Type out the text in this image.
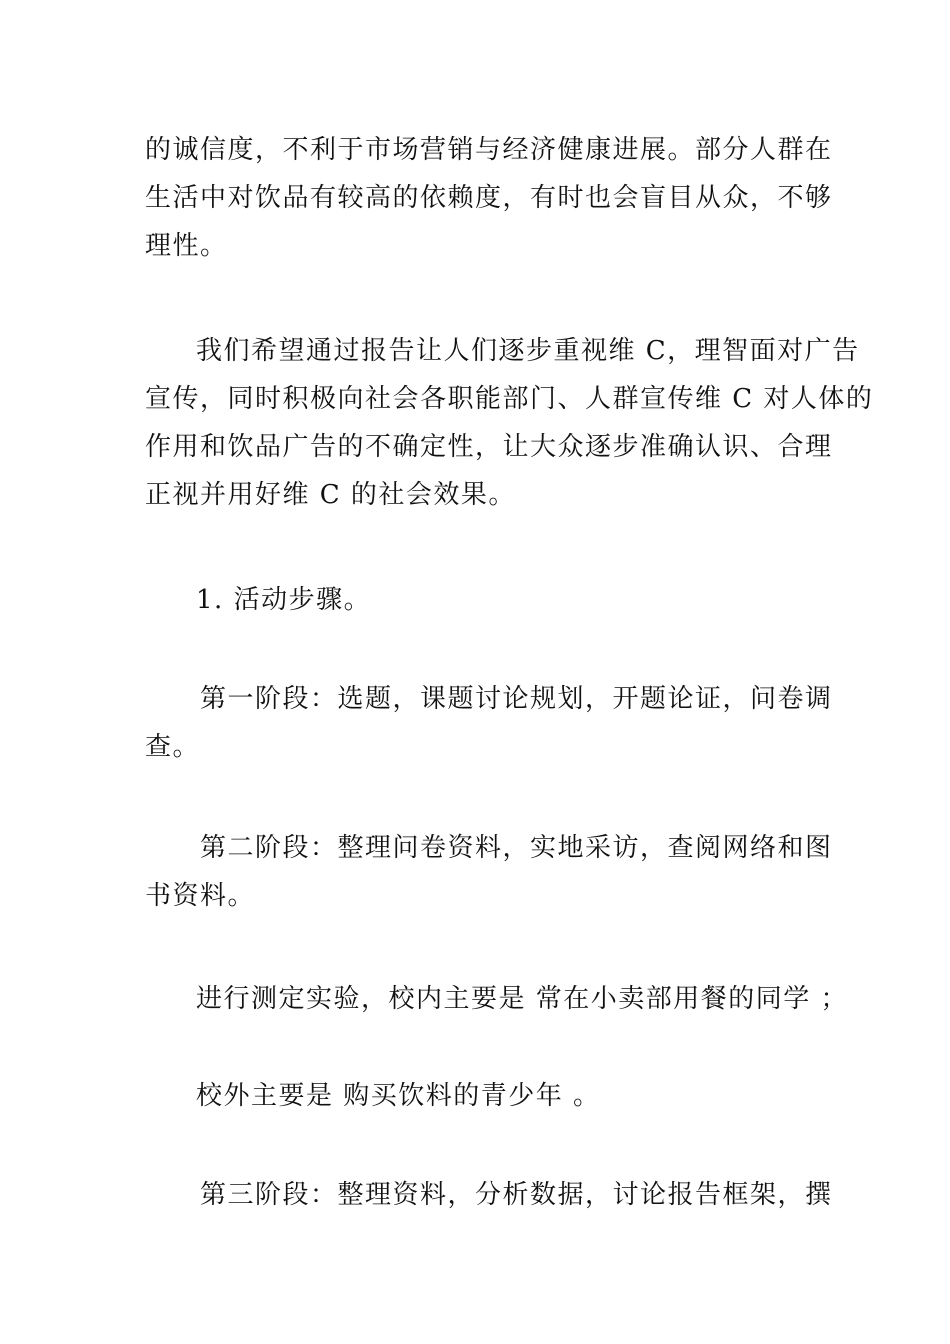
的诚信度，不利于市场营销与经济健康进展。部分人群在
生活中对饮品有较高的依赖度，有时也会盲目从众，不够
理性。
我们希望通过报告让人们逐步重视维 C，理智面对广告
宣传，同时积极向社会各职能部门、人群宣传维 C 对人体的
作用和饮品广告的不确定性，让大众逐步准确认识、合理
正视并用好维 C 的社会效果。
1. 活动步骤。
第一阶段：选题，课题讨论规划，开题论证，问卷调
查。
第二阶段：整理问卷资料，实地采访，查阅网络和图
书资料。
进行测定实验，校内主要是 常在小卖部用餐的同学 ；
校外主要是 购买饮料的青少年 。
第三阶段：整理资料，分析数据，讨论报告框架，撰
